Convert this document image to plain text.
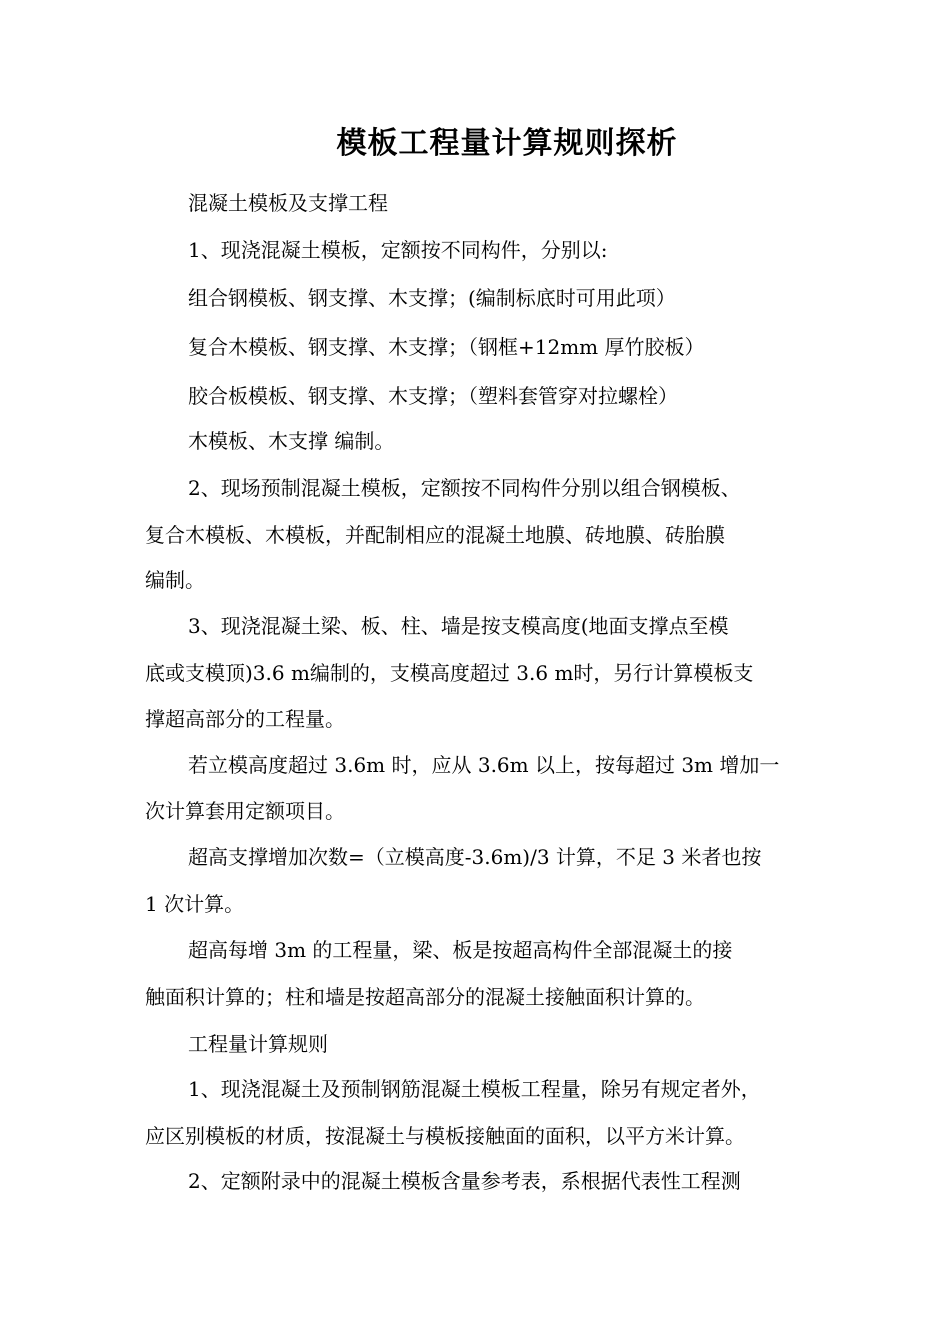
模板工程量计算规则探析
混凝土模板及支撑工程
1、现浇混凝土模板，定额按不同构件，分别以:
组合钢模板、钢支撑、木支撑；(编制标底时可用此项）
复合木模板、钢支撑、木支撑；（钢框+12mm 厚竹胶板）
胶合板模板、钢支撑、木支撑；（塑料套管穿对拉螺栓）
木模板、木支撑 编制。
2、现场预制混凝土模板，定额按不同构件分别以组合钢模板、
复合木模板、木模板，并配制相应的混凝土地膜、砖地膜、砖胎膜
编制。
3、现浇混凝土梁、板、柱、墙是按支模高度(地面支撑点至模
底或支模顶)3.6 m编制的，支模高度超过 3.6 m时，另行计算模板支
撑超高部分的工程量。
若立模高度超过 3.6m 时，应从 3.6m 以上，按每超过 3m 增加一
次计算套用定额项目。
超高支撑增加次数=（立模高度-3.6m)/3 计算，不足 3 米者也按
1 次计算。
超高每增 3m 的工程量，梁、板是按超高构件全部混凝土的接
触面积计算的；柱和墙是按超高部分的混凝土接触面积计算的。
工程量计算规则
1、现浇混凝土及预制钢筋混凝土模板工程量，除另有规定者外，
应区别模板的材质，按混凝土与模板接触面的面积，以平方米计算。
2、定额附录中的混凝土模板含量参考表，系根据代表性工程测
